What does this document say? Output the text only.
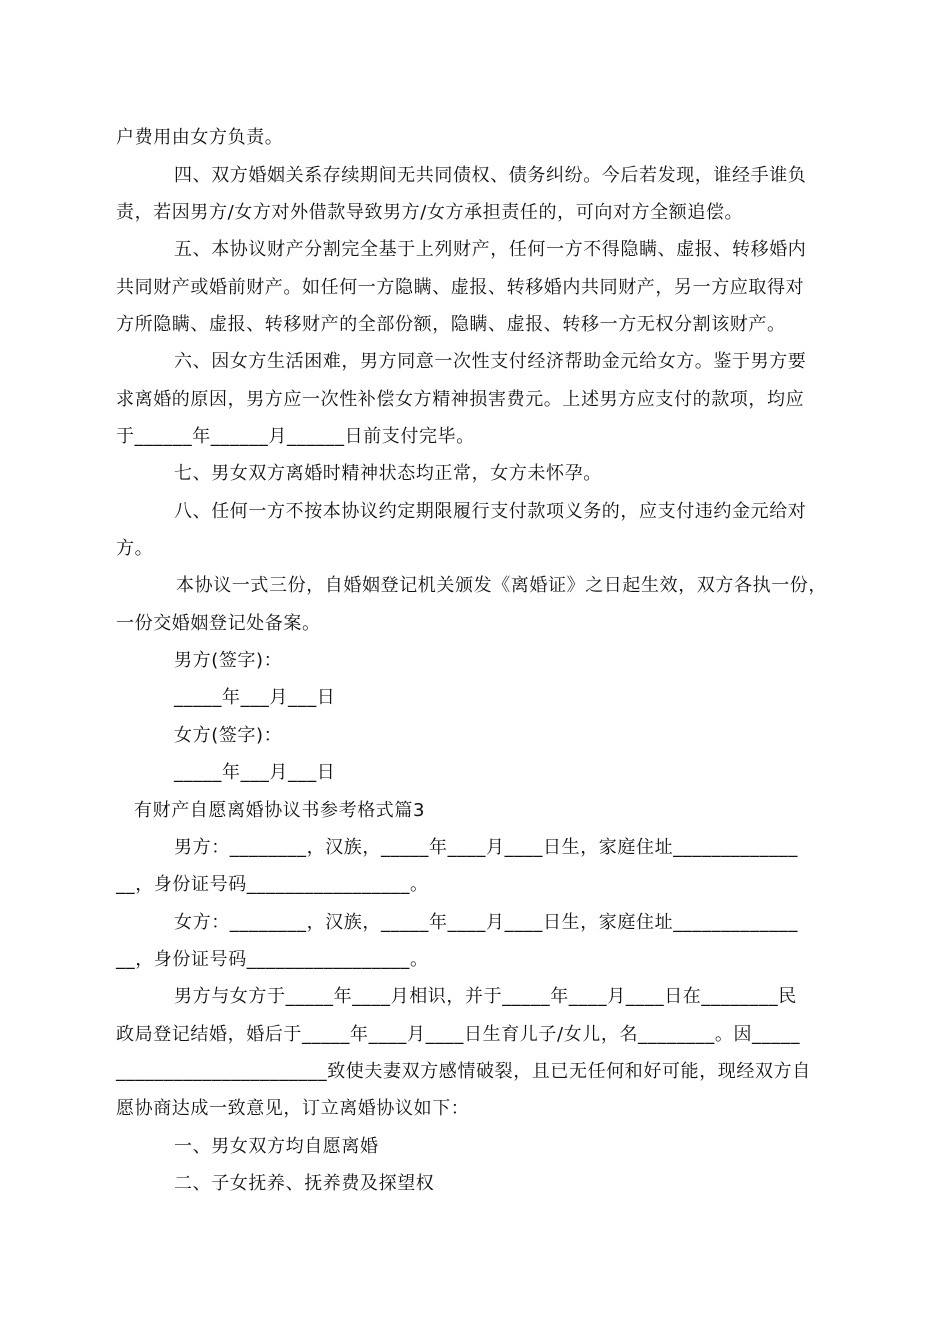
户费用由女方负责。
四、双方婚姻关系存续期间无共同债权、债务纠纷。今后若发现，谁经手谁负
责，若因男方/女方对外借款导致男方/女方承担责任的，可向对方全额追偿。
五、本协议财产分割完全基于上列财产，任何一方不得隐瞒、虚报、转移婚内
共同财产或婚前财产。如任何一方隐瞒、虚报、转移婚内共同财产，另一方应取得对
方所隐瞒、虚报、转移财产的全部份额，隐瞒、虚报、转移一方无权分割该财产。
六、因女方生活困难，男方同意一次性支付经济帮助金元给女方。鉴于男方要
求离婚的原因，男方应一次性补偿女方精神损害费元。上述男方应支付的款项，均应
于______年______月______日前支付完毕。
七、男女双方离婚时精神状态均正常，女方未怀孕。
八、任何一方不按本协议约定期限履行支付款项义务的，应支付违约金元给对
方。
本协议一式三份，自婚姻登记机关颁发《离婚证》之日起生效，双方各执一份，
一份交婚姻登记处备案。
男方(签字)：
_____年___月___日
女方(签字)：
_____年___月___日
有财产自愿离婚协议书参考格式篇3
男方：________，汉族，_____年____月____日生，家庭住址_____________
__，身份证号码_________________。
女方：________，汉族，_____年____月____日生，家庭住址_____________
__，身份证号码_________________。
男方与女方于_____年____月相识，并于_____年____月____日在________民
政局登记结婚，婚后于_____年____月____日生育儿子/女儿，名________。因_____
______________________致使夫妻双方感情破裂，且已无任何和好可能，现经双方自
愿协商达成一致意见，订立离婚协议如下：
一、男女双方均自愿离婚
二、子女抚养、抚养费及探望权
